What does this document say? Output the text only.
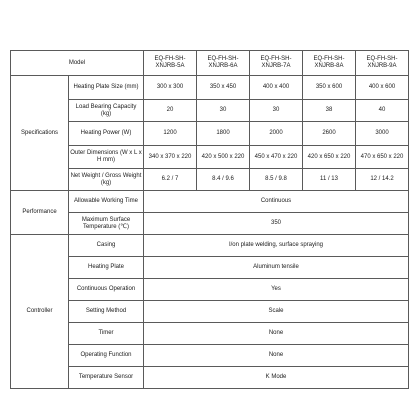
Model		EQ-FH-SH-XNJRB-5A	EQ-FH-SH-XNJRB-6A	EQ-FH-SH-XNJRB-7A	EQ-FH-SH-XNJRB-8A	EQ-FH-SH-XNJRB-9A
Specifications	Heating Plate Size (mm)	300 x 300	350 x 450	400 x 400	350 x 600	400 x 600
	Load Bearing Capacity (kg)	20	30	30	38	40
	Heating Power (W)	1200	1800	2000	2600	3000
	Outer Dimensions (W x L x H mm)	340 x 370 x 220	420 x 500 x 220	450 x 470 x 220	420 x 650 x 220	470 x 650 x 220
	Net Weight / Gross Weight (kg)	6.2 / 7	8.4 / 9.6	8.5 / 9.8	11 / 13	12 / 14.2
Performance	Allowable Working Time	Continuous				
	Maximum Surface Temperature (℃)	350				
Controller	Casing	I/on plate welding, surface spraying				
	Heating Plate	Aluminum tensile				
	Continuous Operation	Yes				
	Setting Method	Scale				
	Timer	None				
	Operating Function	None				
	Temperature Sensor	K Mode				
